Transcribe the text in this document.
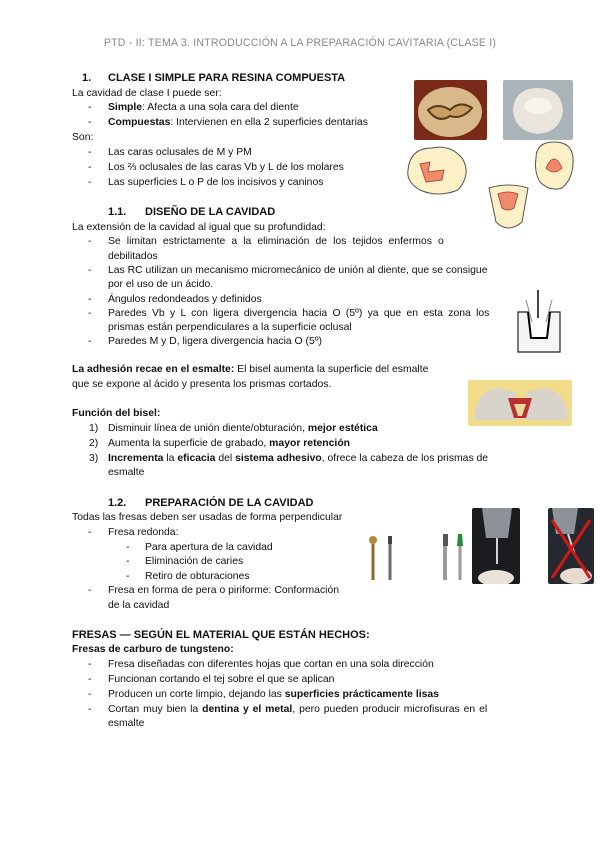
PTD - II: TEMA 3. INTRODUCCIÓN A LA PREPARACIÓN CAVITARIA (CLASE I)
1. CLASE I SIMPLE PARA RESINA COMPUESTA
La cavidad de clase I puede ser:
- Simple: Afecta a una sola cara del diente
- Compuestas: Intervienen en ella 2 superficies dentarias
Son:
- Las caras oclusales de M y PM
- Los ⅔ oclusales de las caras Vb y L de los molares
- Las superficies L o P de los incisivos y caninos
1.1. DISEÑO DE LA CAVIDAD
La extensión de la cavidad al igual que su profundidad:
- Se limitan estrictamente a la eliminación de los tejidos enfermos o
debilitados
- Las RC utilizan un mecanismo micromecánico de unión al diente, que se consigue
por el uso de un ácido.
- Ángulos redondeados y definidos
- Paredes Vb y L con ligera divergencia hacia O (5º) ya que en esta zona los
prismas están perpendiculares a la superficie oclusal
- Paredes M y D, ligera divergencia hacia O (5º)
La adhesión recae en el esmalte: El bisel aumenta la superficie del esmalte
que se expone al ácido y presenta los prismas cortados.
Función del bisel:
1) Disminuir línea de unión diente/obturación, mejor estética
2) Aumenta la superficie de grabado, mayor retención
3) Incrementa la eficacia del sistema adhesivo, ofrece la cabeza de los prismas de
esmalte
1.2. PREPARACIÓN DE LA CAVIDAD
Todas las fresas deben ser usadas de forma perpendicular
- Fresa redonda:
- Para apertura de la cavidad
- Eliminación de caries
- Retiro de obturaciones
- Fresa en forma de pera o piriforme: Conformación
de la cavidad
FRESAS — SEGÚN EL MATERIAL QUE ESTÁN HECHOS:
Fresas de carburo de tungsteno:
- Fresa diseñadas con diferentes hojas que cortan en una sola dirección
- Funcionan cortando el tej sobre el que se aplican
- Producen un corte limpio, dejando las superficies prácticamente lisas
- Cortan muy bien la dentina y el metal, pero pueden producir microfisuras en el
esmalte
